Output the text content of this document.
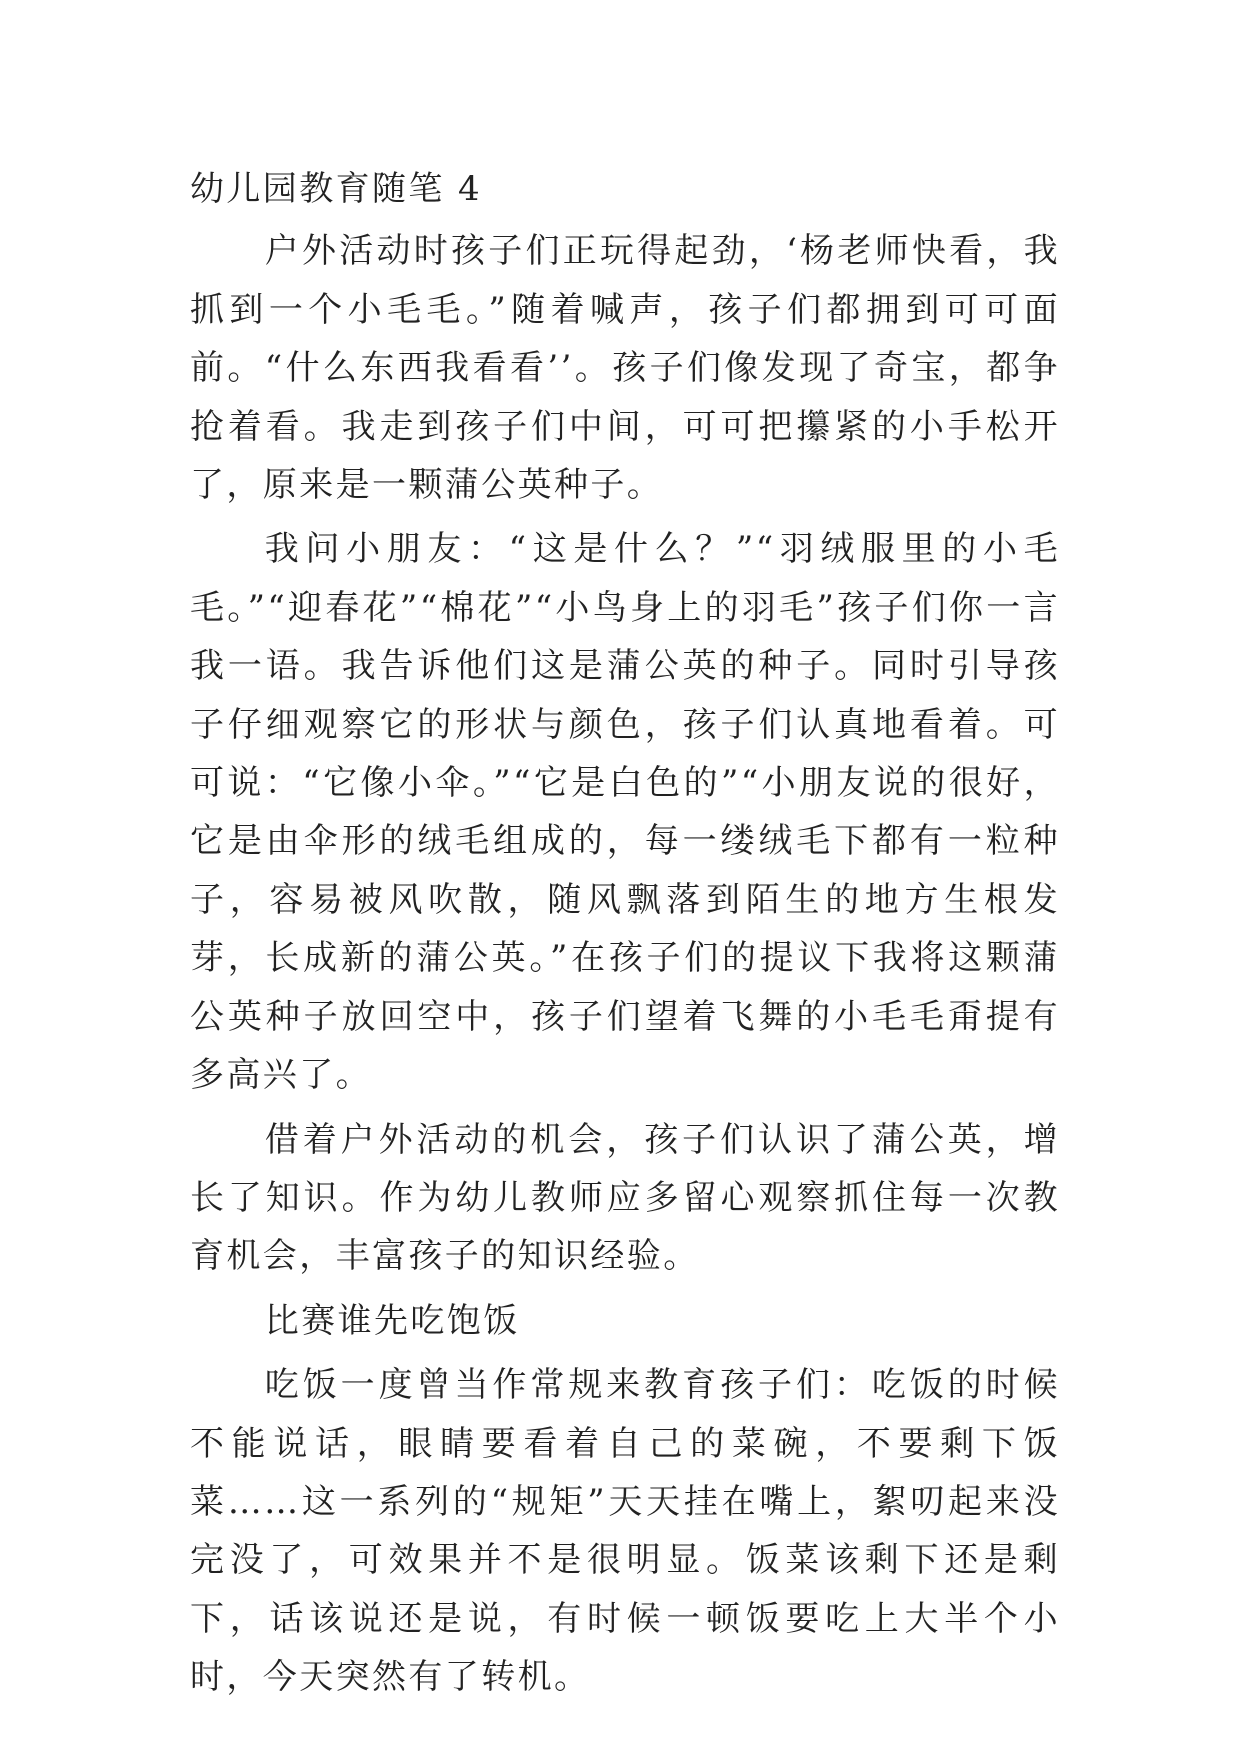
幼儿园教育随笔 4

户外活动时孩子们正玩得起劲，‘杨老师快看，我抓到一个小毛毛。”随着喊声，孩子们都拥到可可面前。“什么东西我看看’’。孩子们像发现了奇宝，都争抢着看。我走到孩子们中间，可可把攥紧的小手松开了，原来是一颗蒲公英种子。

我问小朋友：“这是什么？”“羽绒服里的小毛毛。”“迎春花”“棉花”“小鸟身上的羽毛”孩子们你一言我一语。我告诉他们这是蒲公英的种子。同时引导孩子仔细观察它的形状与颜色，孩子们认真地看着。可可说：“它像小伞。”“它是白色的”“小朋友说的很好，它是由伞形的绒毛组成的，每一缕绒毛下都有一粒种子，容易被风吹散，随风飘落到陌生的地方生根发芽，长成新的蒲公英。”在孩子们的提议下我将这颗蒲公英种子放回空中，孩子们望着飞舞的小毛毛甭提有多高兴了。

借着户外活动的机会，孩子们认识了蒲公英，增长了知识。作为幼儿教师应多留心观察抓住每一次教育机会，丰富孩子的知识经验。

比赛谁先吃饱饭

吃饭一度曾当作常规来教育孩子们：吃饭的时候不能说话，眼睛要看着自己的菜碗，不要剩下饭菜……这一系列的“规矩”天天挂在嘴上，絮叨起来没完没了，可效果并不是很明显。饭菜该剩下还是剩下，话该说还是说，有时候一顿饭要吃上大半个小时，今天突然有了转机。
